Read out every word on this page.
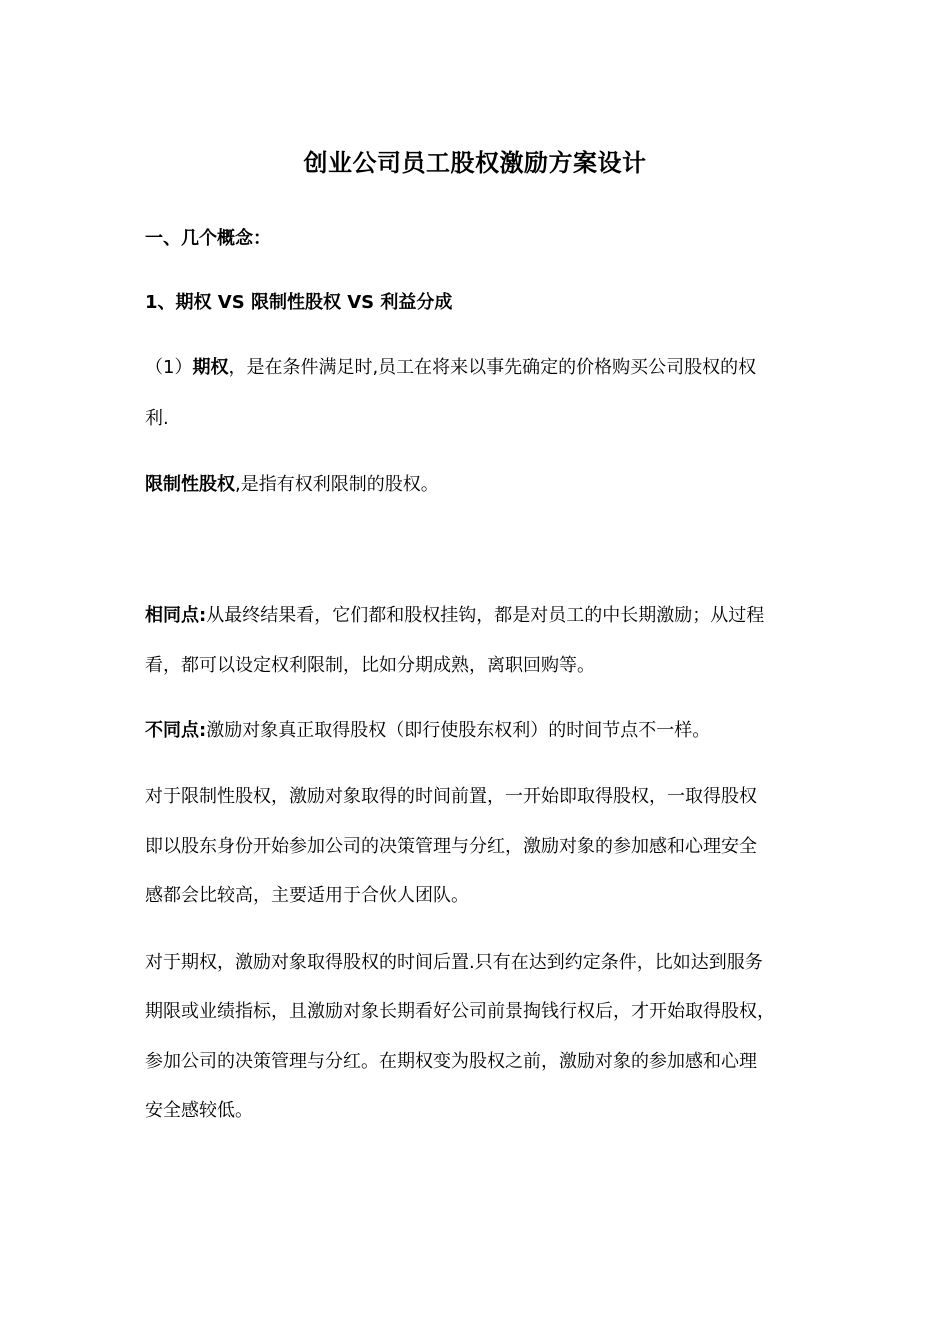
创业公司员工股权激励方案设计
一、几个概念：
1、期权 VS 限制性股权 VS 利益分成
（1）期权，是在条件满足时,员工在将来以事先确定的价格购买公司股权的权
利.
限制性股权,是指有权利限制的股权。
相同点:从最终结果看，它们都和股权挂钩，都是对员工的中长期激励；从过程
看，都可以设定权利限制，比如分期成熟，离职回购等。
不同点:激励对象真正取得股权（即行使股东权利）的时间节点不一样。
对于限制性股权，激励对象取得的时间前置，一开始即取得股权，一取得股权
即以股东身份开始参加公司的决策管理与分红，激励对象的参加感和心理安全
感都会比较高，主要适用于合伙人团队。
对于期权，激励对象取得股权的时间后置.只有在达到约定条件，比如达到服务
期限或业绩指标，且激励对象长期看好公司前景掏钱行权后，才开始取得股权，
参加公司的决策管理与分红。在期权变为股权之前，激励对象的参加感和心理
安全感较低。
